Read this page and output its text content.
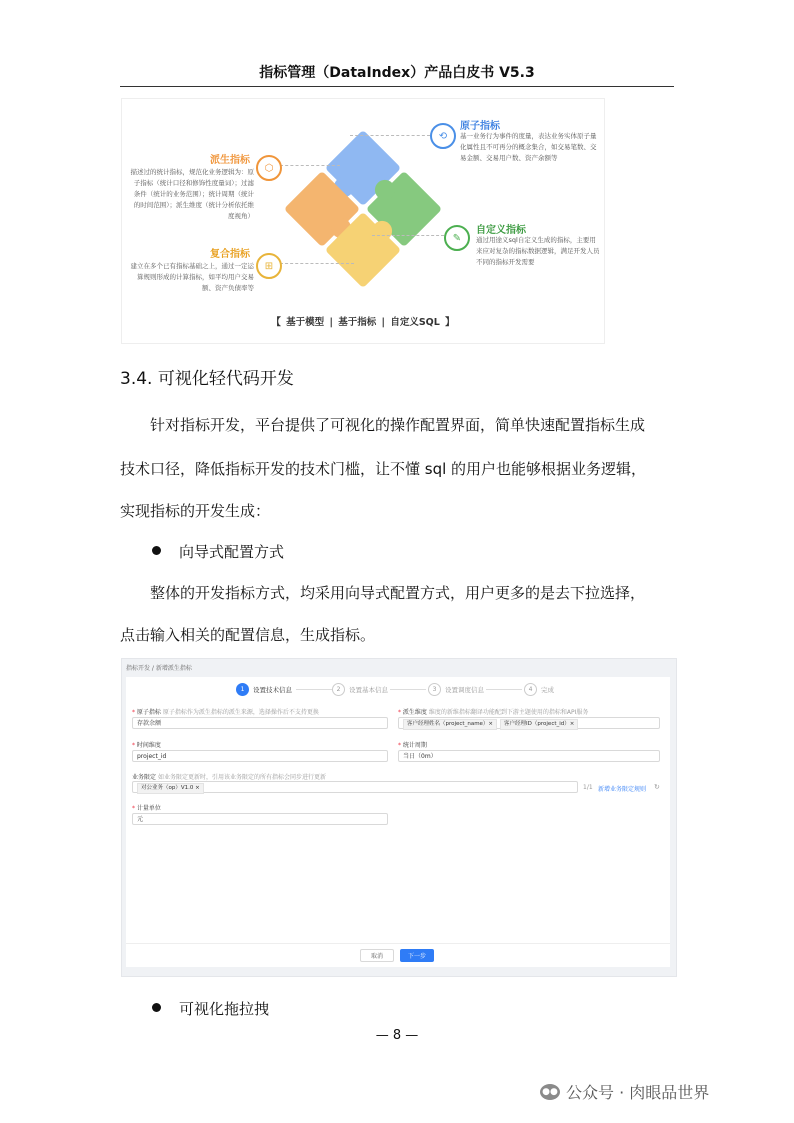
指标管理（DataIndex）产品白皮书 V5.3
⟲
原子指标
基一业务行为事件的度量，表达业务实体原子量化属性且不可再分的概念集合，如交易笔数、交易金额、交易用户数、资产余额等
⬡
派生指标
描述过的统计指标，规范化业务逻辑为：原子指标（统计口径和修饰性度量词）；过滤条件（统计的业务范围）；统计周期（统计的时间范围）；派生维度（统计分析依托维度视角）
✎
自定义指标
通过用途义sql自定义生成的指标，主要用来应对复杂的指标数据逻辑，满足开发人员不同的指标开发需要
⊞
复合指标
建立在多个已有指标基础之上，通过一定运算规则形成的计算指标，如平均用户交易额、资产负债率等
【 基于模型 | 基于指标 | 自定义SQL 】
3.4. 可视化轻代码开发
针对指标开发，平台提供了可视化的操作配置界面，简单快速配置指标生成
技术口径，降低指标开发的技术门槛，让不懂 sql 的用户也能够根据业务逻辑，
实现指标的开发生成：
向导式配置方式
整体的开发指标方式，均采用向导式配置方式，用户更多的是去下拉选择，
点击输入相关的配置信息，生成指标。
指标开发 / 新增派生指标
1	设置技术信息	2	设置基本信息	3	设置调度信息	4	完成
* 原子指标 原子指标作为派生指标的派生来源，选择操作后不支持更换
存款余额
* 派生维度 维度的新维指标翻译功能配到下游主题使用的指标和API服务
客户经理姓名（project_name）× 客户经理ID（project_id）×
* 时间维度
project_id
* 统计周期
当日（0m）
业务限定 如业务限定更新时，引用该业务限定的所有指标会同步进行更新
对公业务（op）V1.0 ×	1/1 新增业务限定规则 ↻
* 计量单位
元
取消	下一步
可视化拖拉拽
— 8 —
●● 公众号 · 肉眼品世界
